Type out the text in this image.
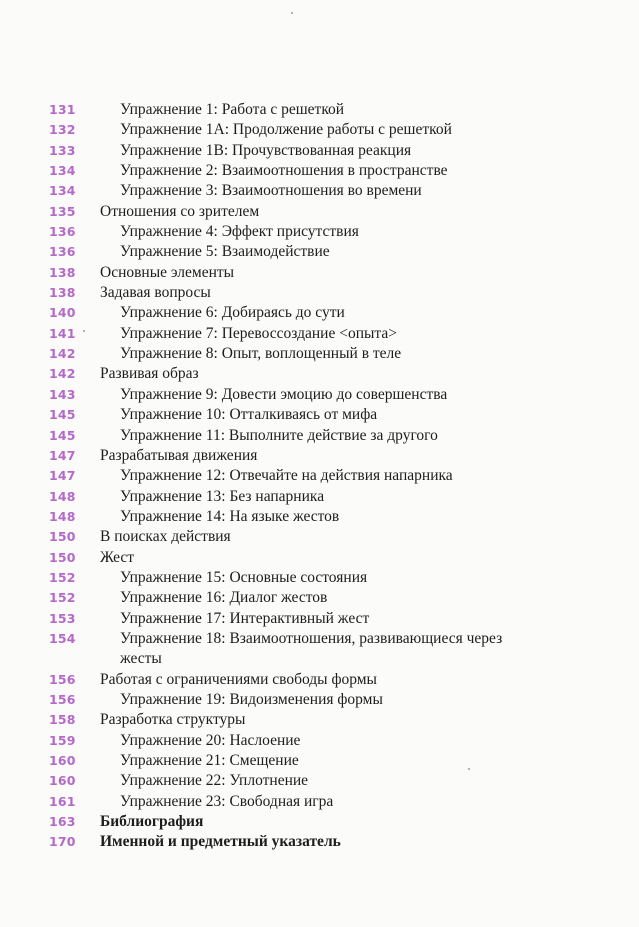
131	Упражнение 1: Работа с решеткой
132	Упражнение 1А: Продолжение работы с решеткой
133	Упражнение 1В: Прочувствованная реакция
134	Упражнение 2: Взаимоотношения в пространстве
134	Упражнение 3: Взаимоотношения во времени
135	Отношения со зрителем
136	Упражнение 4: Эффект присутствия
136	Упражнение 5: Взаимодействие
138	Основные элементы
138	Задавая вопросы
140	Упражнение 6: Добираясь до сути
141	Упражнение 7: Перевоссоздание <опыта>
142	Упражнение 8: Опыт, воплощенный в теле
142	Развивая образ
143	Упражнение 9: Довести эмоцию до совершенства
145	Упражнение 10: Отталкиваясь от мифа
145	Упражнение 11: Выполните действие за другого
147	Разрабатывая движения
147	Упражнение 12: Отвечайте на действия напарника
148	Упражнение 13: Без напарника
148	Упражнение 14: На языке жестов
150	В поисках действия
150	Жест
152	Упражнение 15: Основные состояния
152	Упражнение 16: Диалог жестов
153	Упражнение 17: Интерактивный жест
154	Упражнение 18: Взаимоотношения, развивающиеся через жесты
156	Работая с ограничениями свободы формы
156	Упражнение 19: Видоизменения формы
158	Разработка структуры
159	Упражнение 20: Наслоение
160	Упражнение 21: Смещение
160	Упражнение 22: Уплотнение
161	Упражнение 23: Свободная игра
163	Библиография
170	Именной и предметный указатель
